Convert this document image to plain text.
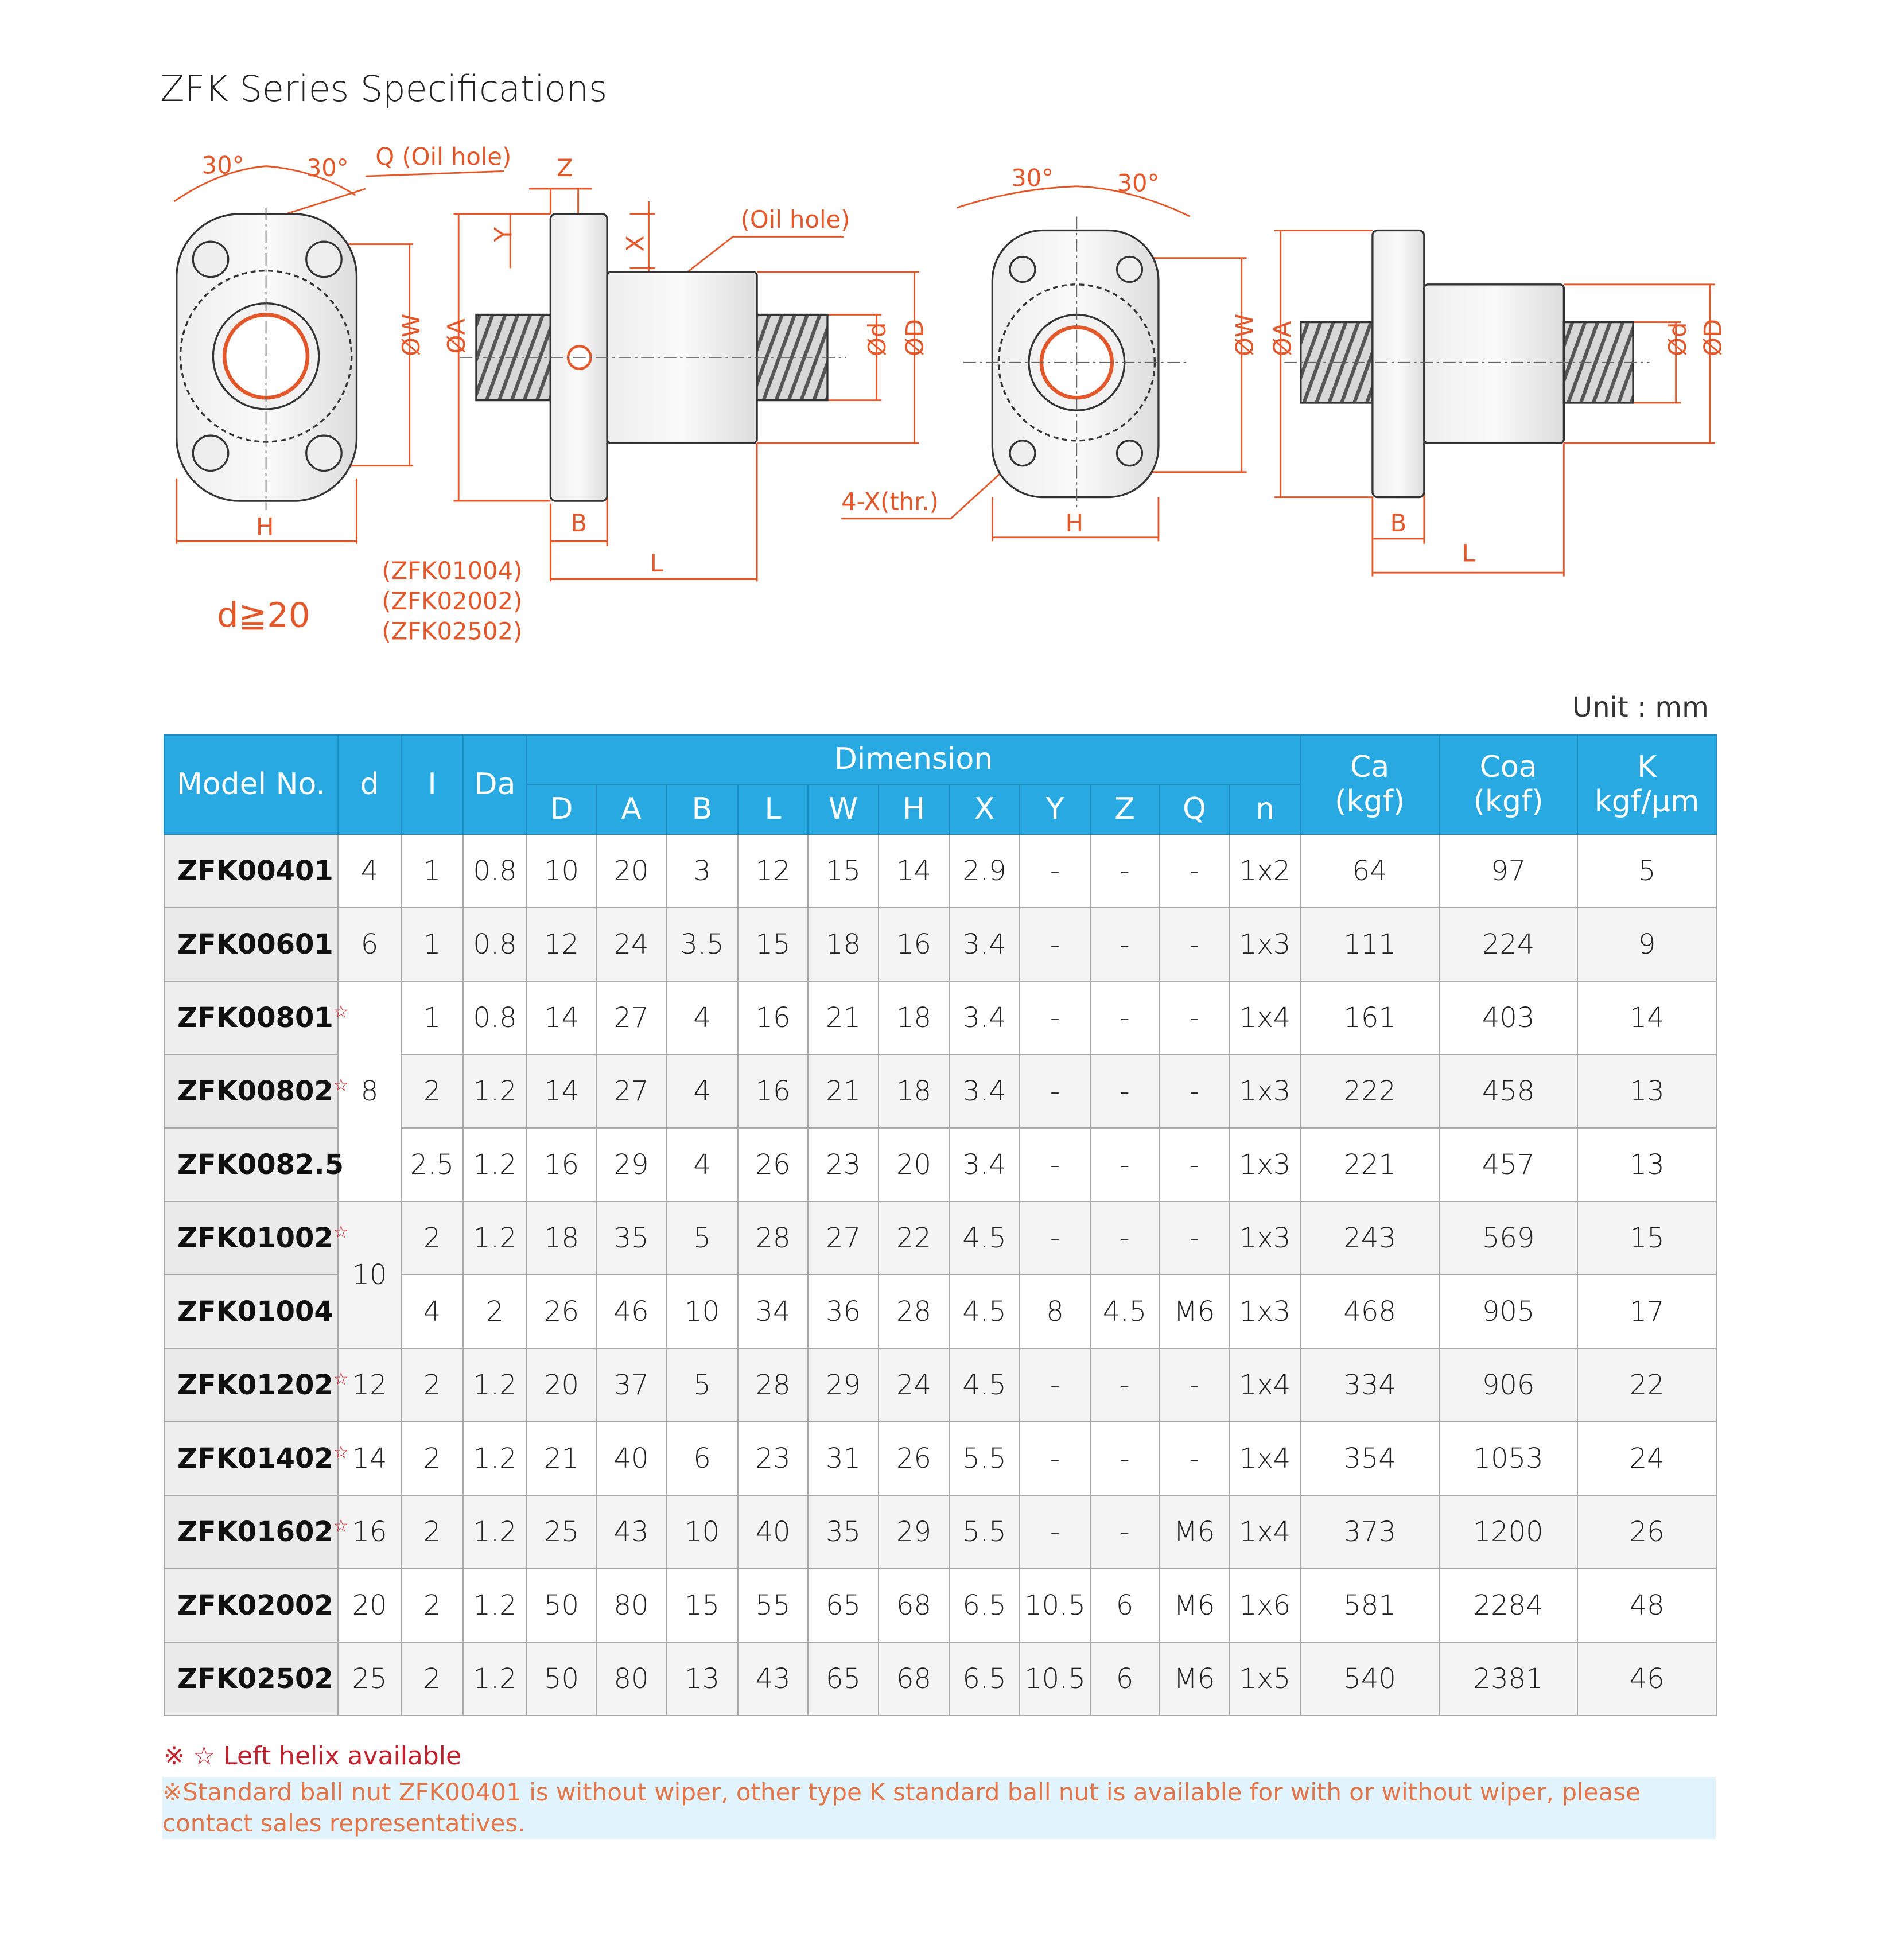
ZFK Series Specifications
30°	30° Q (Oil hole)	Z
Y
X
(Oil hole)
ØW ØA	Ød ØD
H	B
L
(ZFK01004)
(ZFK02002)
(ZFK02502)
d≧20
30°	30°
4-X(thr.)
ØW ØA
H	B
L
Ød ØD
Unit : mm
Model No.	d	I	Da	Dimension											Ca
(kgf)	Coa
(kgf)	K
kgf/μm
				D	A	B	L	W	H	X	Y	Z	Q	n			
ZFK00401	4	1	0.8	10	20	3	12	15	14	2.9	-	-	-	1x2	64	97	5
ZFK00601	6	1	0.8	12	24	3.5	15	18	16	3.4	-	-	-	1x3	111	224	9
ZFK00801☆	8	1	0.8	14	27	4	16	21	18	3.4	-	-	-	1x4	161	403	14
ZFK00802☆		2	1.2	14	27	4	16	21	18	3.4	-	-	-	1x3	222	458	13
ZFK0082.5		2.5	1.2	16	29	4	26	23	20	3.4	-	-	-	1x3	221	457	13
ZFK01002☆	10	2	1.2	18	35	5	28	27	22	4.5	-	-	-	1x3	243	569	15
ZFK01004		4	2	26	46	10	34	36	28	4.5	8	4.5	M6	1x3	468	905	17
ZFK01202☆	12	2	1.2	20	37	5	28	29	24	4.5	-	-	-	1x4	334	906	22
ZFK01402☆	14	2	1.2	21	40	6	23	31	26	5.5	-	-	-	1x4	354	1053	24
ZFK01602☆	16	2	1.2	25	43	10	40	35	29	5.5	-	-	M6	1x4	373	1200	26
ZFK02002	20	2	1.2	50	80	15	55	65	68	6.5	10.5	6	M6	1x6	581	2284	48
ZFK02502	25	2	1.2	50	80	13	43	65	68	6.5	10.5	6	M6	1x5	540	2381	46
※ ☆ Left helix available
※Standard ball nut ZFK00401 is without wiper, other type K standard ball nut is available for with or without wiper, please contact sales representatives.
